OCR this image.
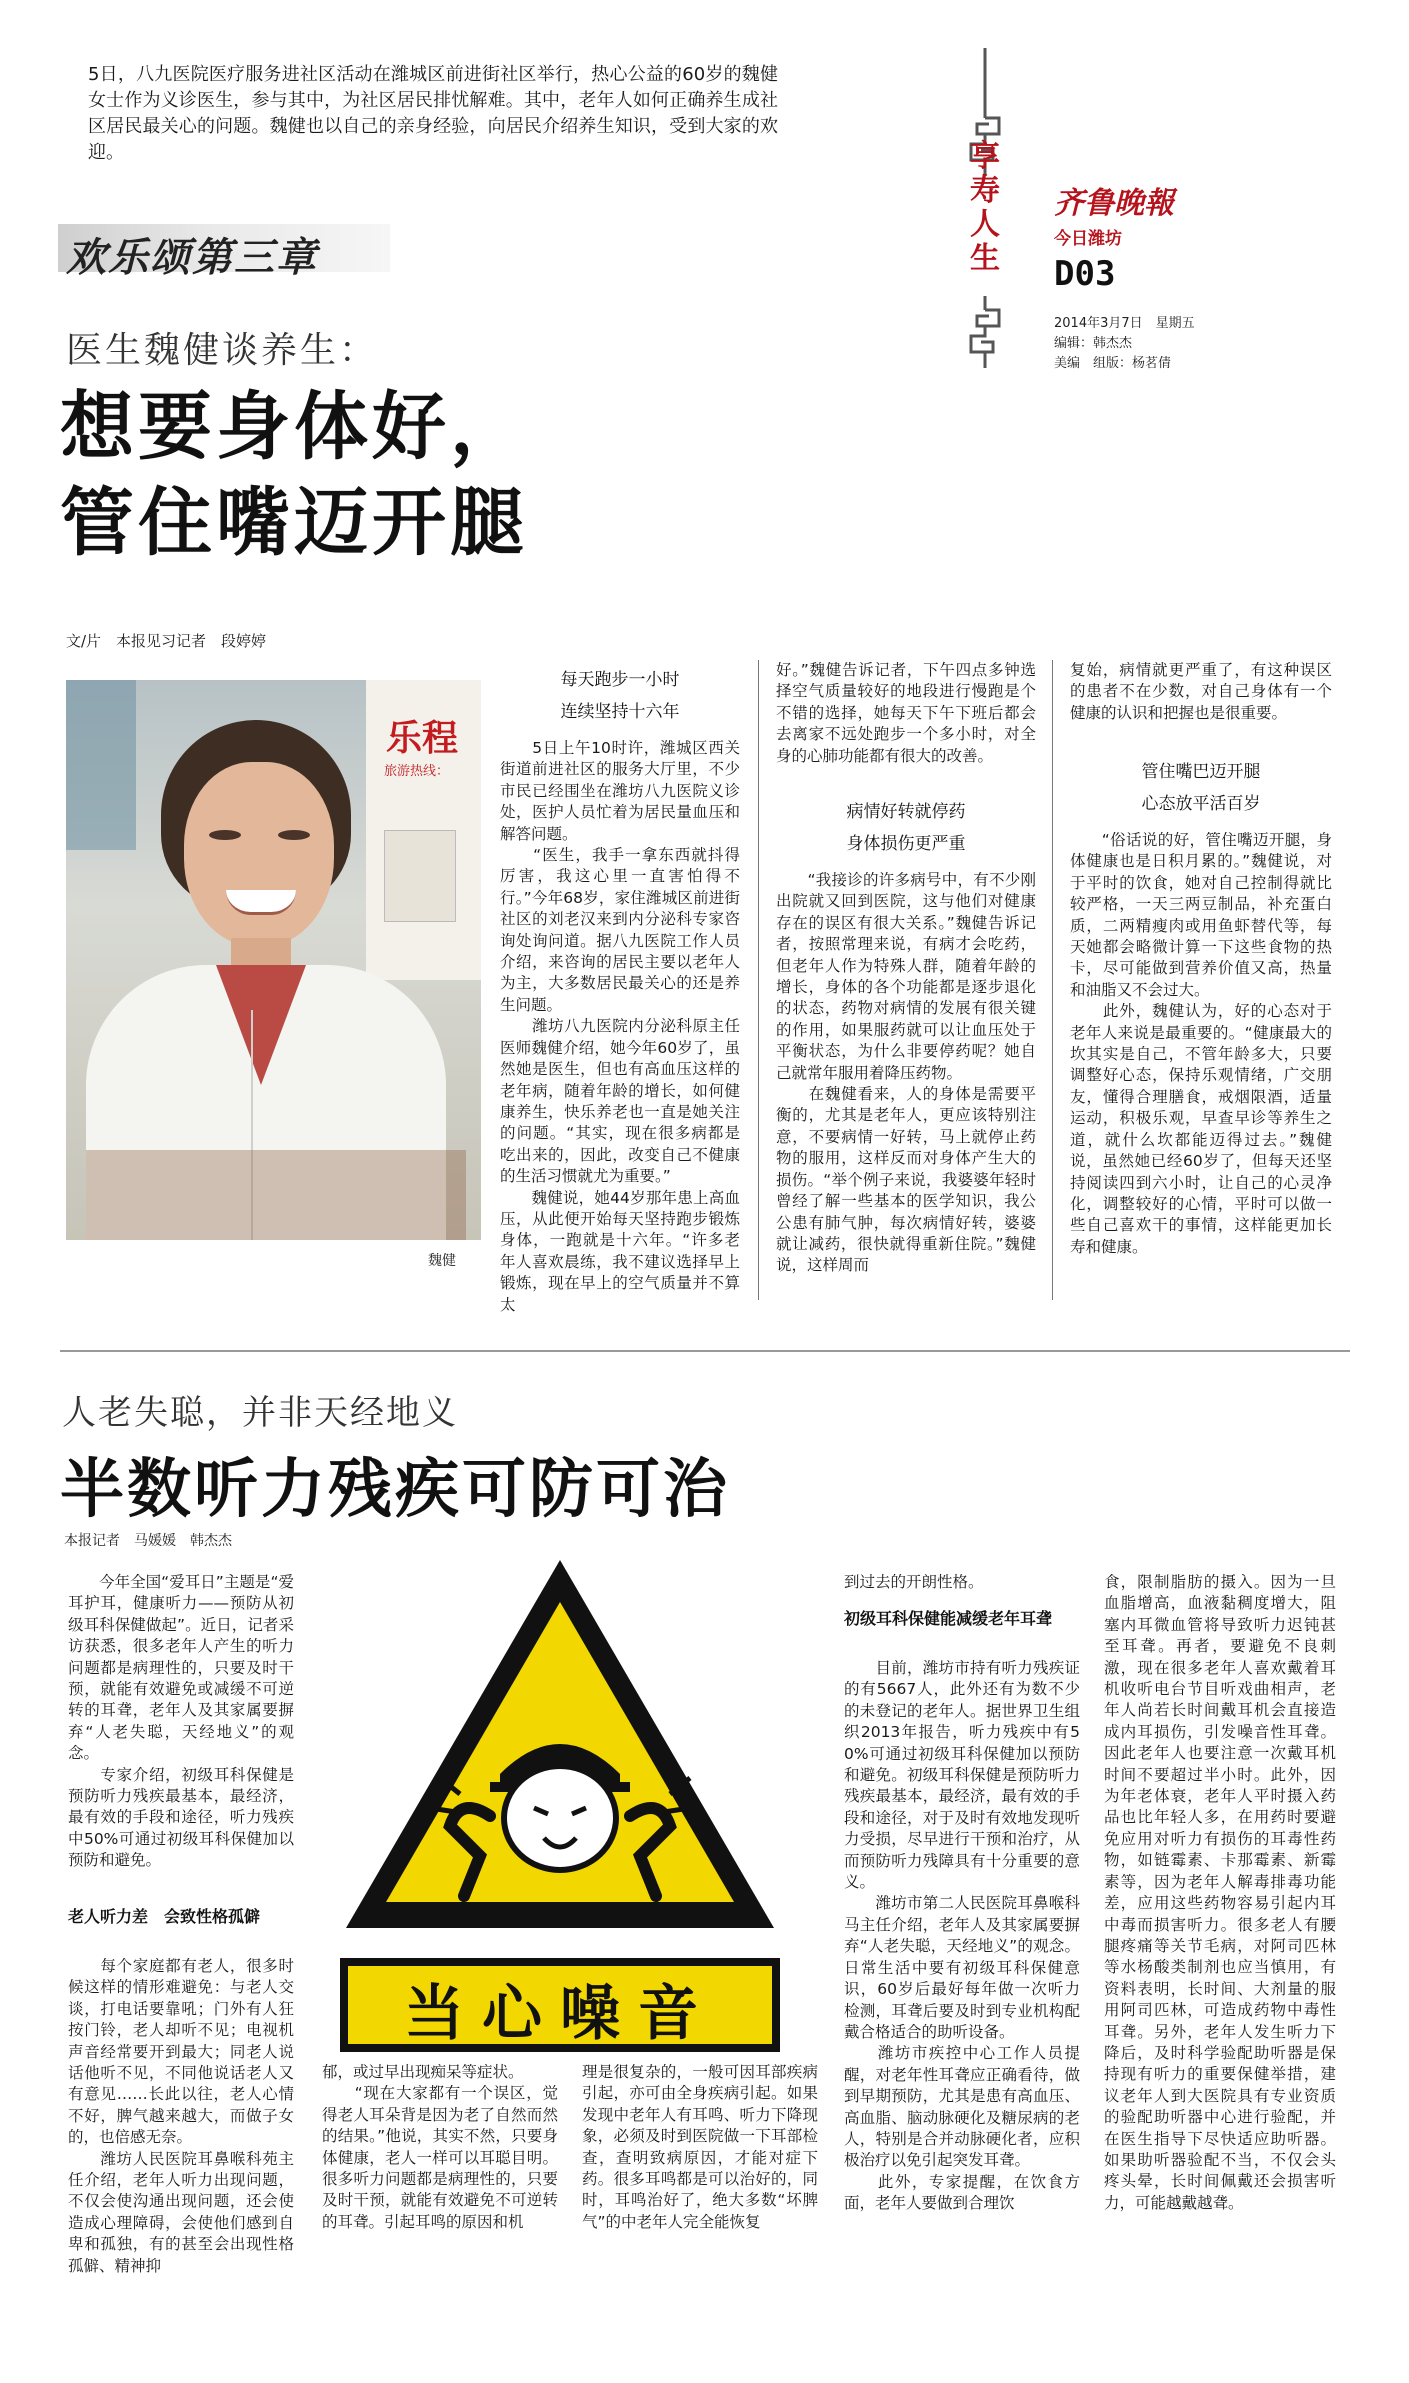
5日，八九医院医疗服务进社区活动在潍城区前进街社区举行，热心公益的60岁的魏健女士作为义诊医生，参与其中，为社区居民排忧解难。其中，老年人如何正确养生成社区居民最关心的问题。魏健也以自己的亲身经验，向居民介绍养生知识，受到大家的欢迎。	享寿人生
齐鲁晚報
今日潍坊
D03
2014年3月7日　星期五
编辑：韩杰杰
美编　组版：杨茗倩
欢乐颂第三章
医生魏健谈养生：
想要身体好，
管住嘴迈开腿
文/片　本报见习记者　段婷婷
乐程
旅游热线：
魏健
每天跑步一小时
连续坚持十六年
　　5日上午10时许，潍城区西关街道前进社区的服务大厅里，不少市民已经围坐在潍坊八九医院义诊处，医护人员忙着为居民量血压和解答问题。
　　“医生，我手一拿东西就抖得厉害，我这心里一直害怕得不行。”今年68岁，家住潍城区前进街社区的刘老汉来到内分泌科专家咨询处询问道。据八九医院工作人员介绍，来咨询的居民主要以老年人为主，大多数居民最关心的还是养生问题。
　　潍坊八九医院内分泌科原主任医师魏健介绍，她今年60岁了，虽然她是医生，但也有高血压这样的老年病，随着年龄的增长，如何健康养生，快乐养老也一直是她关注的问题。“其实，现在很多病都是吃出来的，因此，改变自己不健康的生活习惯就尤为重要。”
　　魏健说，她44岁那年患上高血压，从此便开始每天坚持跑步锻炼身体，一跑就是十六年。“许多老年人喜欢晨练，我不建议选择早上锻炼，现在早上的空气质量并不算太
好。”魏健告诉记者，下午四点多钟选择空气质量较好的地段进行慢跑是个不错的选择，她每天下午下班后都会去离家不远处跑步一个多小时，对全身的心肺功能都有很大的改善。
病情好转就停药
身体损伤更严重
　　“我接诊的许多病号中，有不少刚出院就又回到医院，这与他们对健康存在的误区有很大关系。”魏健告诉记者，按照常理来说，有病才会吃药，但老年人作为特殊人群，随着年龄的增长，身体的各个功能都是逐步退化的状态，药物对病情的发展有很关键的作用，如果服药就可以让血压处于平衡状态，为什么非要停药呢？她自己就常年服用着降压药物。
　　在魏健看来，人的身体是需要平衡的，尤其是老年人，更应该特别注意，不要病情一好转，马上就停止药物的服用，这样反而对身体产生大的损伤。“举个例子来说，我婆婆年轻时曾经了解一些基本的医学知识，我公公患有肺气肿，每次病情好转，婆婆就让减药，很快就得重新住院。”魏健说，这样周而
复始，病情就更严重了，有这种误区的患者不在少数，对自己身体有一个健康的认识和把握也是很重要。
管住嘴巴迈开腿
心态放平活百岁
　　“俗话说的好，管住嘴迈开腿，身体健康也是日积月累的。”魏健说，对于平时的饮食，她对自己控制得就比较严格，一天三两豆制品，补充蛋白质，二两精瘦肉或用鱼虾替代等，每天她都会略微计算一下这些食物的热卡，尽可能做到营养价值又高，热量和油脂又不会过大。
　　此外，魏健认为，好的心态对于老年人来说是最重要的。“健康最大的坎其实是自己，不管年龄多大，只要调整好心态，保持乐观情绪，广交朋友，懂得合理膳食，戒烟限酒，适量运动，积极乐观，早查早诊等养生之道，就什么坎都能迈得过去。”魏健说，虽然她已经60岁了，但每天还坚持阅读四到六小时，让自己的心灵净化，调整较好的心情，平时可以做一些自己喜欢干的事情，这样能更加长寿和健康。
人老失聪，并非天经地义
半数听力残疾可防可治
本报记者　马媛媛　韩杰杰
当心噪音
　　今年全国“爱耳日”主题是“爱耳护耳，健康听力——预防从初级耳科保健做起”。近日，记者采访获悉，很多老年人产生的听力问题都是病理性的，只要及时干预，就能有效避免或减缓不可逆转的耳聋，老年人及其家属要摒弃“人老失聪，天经地义”的观念。
　　专家介绍，初级耳科保健是预防听力残疾最基本，最经济，最有效的手段和途径，听力残疾中50%可通过初级耳科保健加以预防和避免。
老人听力差　会致性格孤僻
　　每个家庭都有老人，很多时候这样的情形难避免：与老人交谈，打电话要靠吼；门外有人狂按门铃，老人却听不见；电视机声音经常要开到最大；同老人说话他听不见，不同他说话老人又有意见……长此以往，老人心情不好，脾气越来越大，而做子女的，也倍感无奈。
　　潍坊人民医院耳鼻喉科苑主任介绍，老年人听力出现问题，不仅会使沟通出现问题，还会使造成心理障碍，会使他们感到自卑和孤独，有的甚至会出现性格孤僻、精神抑
郁，或过早出现痴呆等症状。
　　“现在大家都有一个误区，觉得老人耳朵背是因为老了自然而然的结果。”他说，其实不然，只要身体健康，老人一样可以耳聪目明。很多听力问题都是病理性的，只要及时干预，就能有效避免不可逆转的耳聋。引起耳鸣的原因和机
理是很复杂的，一般可因耳部疾病引起，亦可由全身疾病引起。如果发现中老年人有耳鸣、听力下降现象，必须及时到医院做一下耳部检查，查明致病原因，才能对症下药。很多耳鸣都是可以治好的，同时，耳鸣治好了，绝大多数“坏脾气”的中老年人完全能恢复
到过去的开朗性格。
初级耳科保健能减缓老年耳聋
　　目前，潍坊市持有听力残疾证的有5667人，此外还有为数不少的未登记的老年人。据世界卫生组织2013年报告，听力残疾中有50%可通过初级耳科保健加以预防和避免。初级耳科保健是预防听力残疾最基本，最经济，最有效的手段和途径，对于及时有效地发现听力受损，尽早进行干预和治疗，从而预防听力残障具有十分重要的意义。
　　潍坊市第二人民医院耳鼻喉科马主任介绍，老年人及其家属要摒弃“人老失聪，天经地义”的观念。日常生活中要有初级耳科保健意识，60岁后最好每年做一次听力检测，耳聋后要及时到专业机构配戴合格适合的助听设备。
　　潍坊市疾控中心工作人员提醒，对老年性耳聋应正确看待，做到早期预防，尤其是患有高血压、高血脂、脑动脉硬化及糖尿病的老人，特别是合并动脉硬化者，应积极治疗以免引起突发耳聋。
　　此外，专家提醒，在饮食方面，老年人要做到合理饮
食，限制脂肪的摄入。因为一旦血脂增高，血液黏稠度增大，阻塞内耳微血管将导致听力迟钝甚至耳聋。再者，要避免不良刺激，现在很多老年人喜欢戴着耳机收听电台节目听戏曲相声，老年人尚若长时间戴耳机会直接造成内耳损伤，引发噪音性耳聋。因此老年人也要注意一次戴耳机时间不要超过半小时。此外，因为年老体衰，老年人平时摄入药品也比年轻人多，在用药时要避免应用对听力有损伤的耳毒性药物，如链霉素、卡那霉素、新霉素等，因为老年人解毒排毒功能差，应用这些药物容易引起内耳中毒而损害听力。很多老人有腰腿疼痛等关节毛病，对阿司匹林等水杨酸类制剂也应当慎用，有资料表明，长时间、大剂量的服用阿司匹林，可造成药物中毒性耳聋。另外，老年人发生听力下降后，及时科学验配助听器是保持现有听力的重要保健举措，建议老年人到大医院具有专业资质的验配助听器中心进行验配，并在医生指导下尽快适应助听器。如果助听器验配不当，不仅会头疼头晕，长时间佩戴还会损害听力，可能越戴越聋。
